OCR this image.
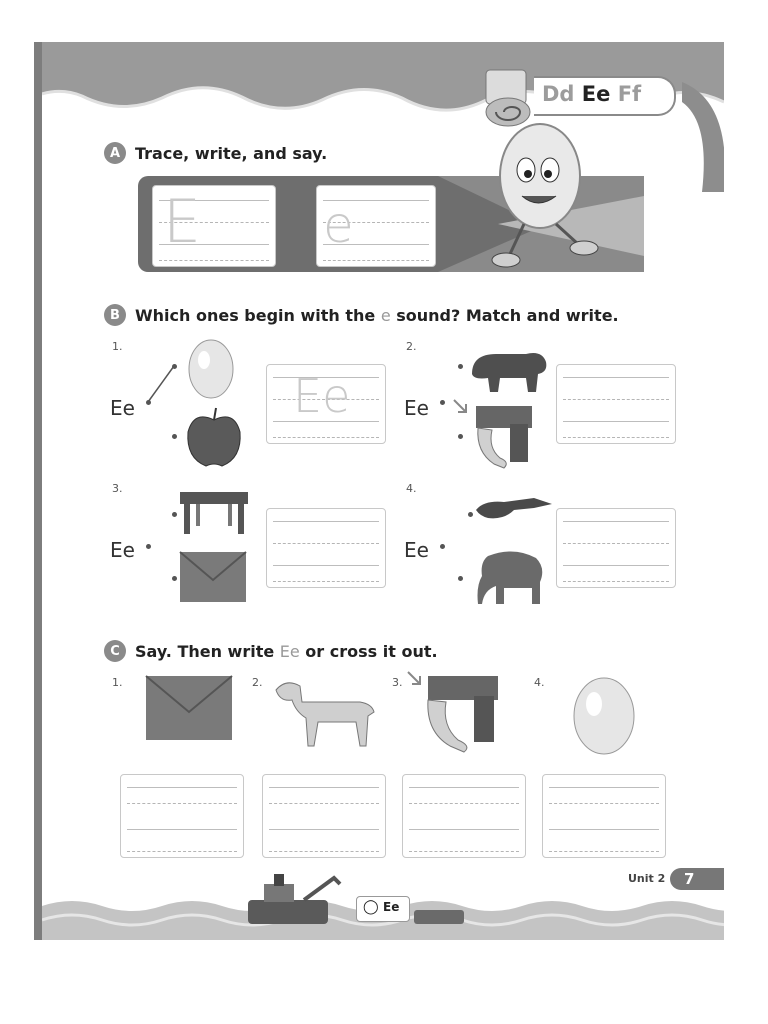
Dd Ee Ff
A Trace, write, and say.
E e
B Which ones begin with the e sound? Match and write.
1.
Ee	Ee
2.
Ee
3.
Ee
4.
Ee
C Say. Then write Ee or cross it out.
1.	2.	3.	4.
◯ Ee
Unit 2 7
